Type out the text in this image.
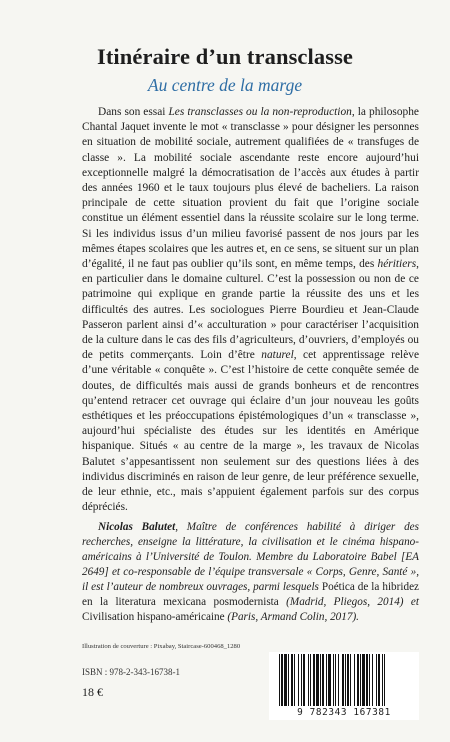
Itinéraire d’un transclasse
Au centre de la marge

Dans son essai Les transclasses ou la non-reproduction, la philosophe Chantal Jaquet invente le mot « transclasse » pour désigner les personnes en situation de mobilité sociale, autrement qualifiées de « transfuges de classe ». La mobilité sociale ascendante reste encore aujourd’hui exceptionnelle malgré la démocratisation de l’accès aux études à partir des années 1960 et le taux toujours plus élevé de bacheliers. La raison principale de cette situation provient du fait que l’origine sociale constitue un élément essentiel dans la réussite scolaire sur le long terme. Si les individus issus d’un milieu favorisé passent de nos jours par les mêmes étapes scolaires que les autres et, en ce sens, se situent sur un plan d’égalité, il ne faut pas oublier qu’ils sont, en même temps, des héritiers, en particulier dans le domaine culturel. C’est la possession ou non de ce patrimoine qui explique en grande partie la réussite des uns et les difficultés des autres. Les sociologues Pierre Bourdieu et Jean-Claude Passeron parlent ainsi d’« acculturation » pour caractériser l’acquisition de la culture dans le cas des fils d’agriculteurs, d’ouvriers, d’employés ou de petits commerçants. Loin d’être naturel, cet apprentissage relève d’une véritable « conquête ». C’est l’histoire de cette conquête semée de doutes, de difficultés mais aussi de grands bonheurs et de rencontres qu’entend retracer cet ouvrage qui éclaire d’un jour nouveau les goûts esthétiques et les préoccupations épistémologiques d’un « transclasse », aujourd’hui spécialiste des études sur les identités en Amérique hispanique. Situés « au centre de la marge », les travaux de Nicolas Balutet s’appesantissent non seulement sur des questions liées à des individus discriminés en raison de leur genre, de leur préférence sexuelle, de leur ethnie, etc., mais s’appuient également parfois sur des corpus dépréciés.

Nicolas Balutet, Maître de conférences habilité à diriger des recherches, enseigne la littérature, la civilisation et le cinéma hispano-américains à l’Université de Toulon. Membre du Laboratoire Babel [EA 2649] et co-responsable de l’équipe transversale « Corps, Genre, Santé », il est l’auteur de nombreux ouvrages, parmi lesquels Poética de la hibridez en la literatura mexicana posmodernista (Madrid, Pliegos, 2014) et Civilisation hispano-américaine (Paris, Armand Colin, 2017).

Illustration de couverture : Pixabay, Staircase-600468_1280
ISBN : 978-2-343-16738-1
18 €
9 782343 167381
